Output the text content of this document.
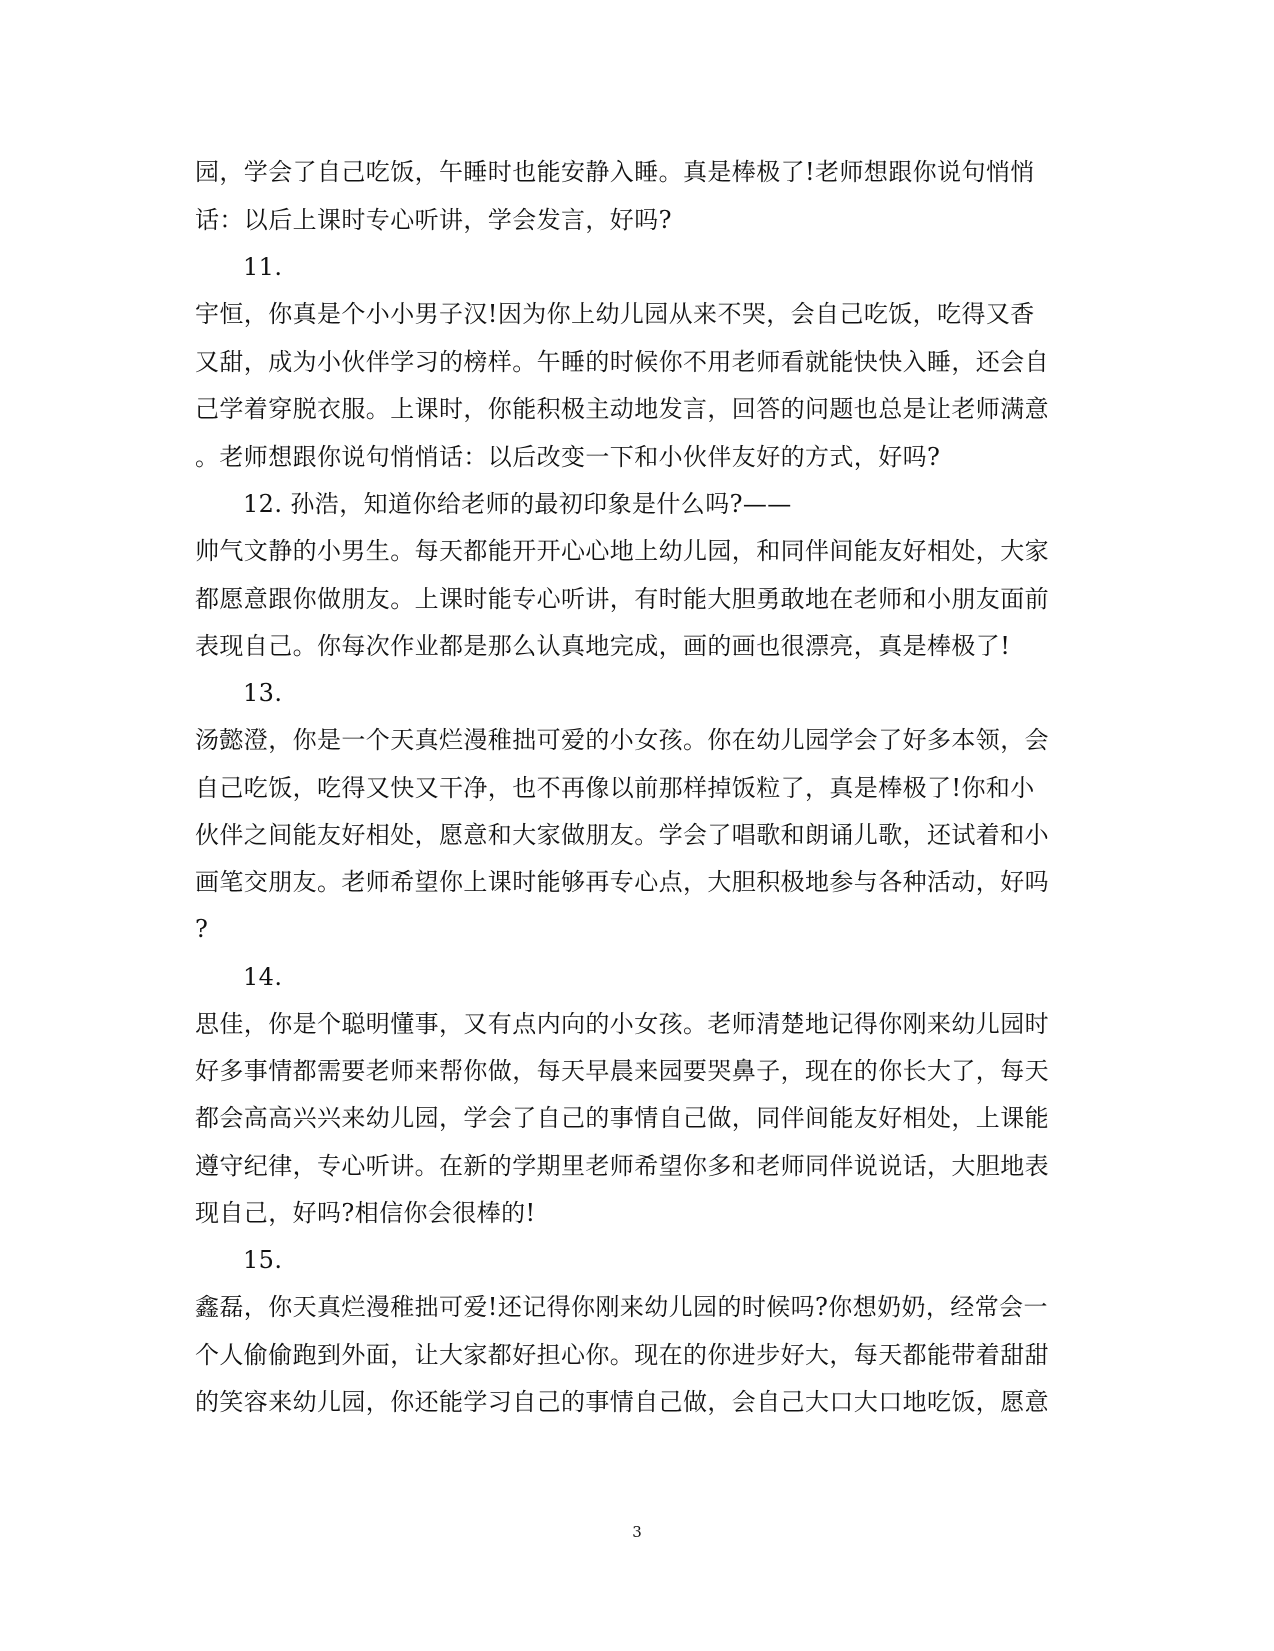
园，学会了自己吃饭，午睡时也能安静入睡。真是棒极了!老师想跟你说句悄悄
话：以后上课时专心听讲，学会发言，好吗?
11.
宇恒，你真是个小小男子汉!因为你上幼儿园从来不哭，会自己吃饭，吃得又香
又甜，成为小伙伴学习的榜样。午睡的时候你不用老师看就能快快入睡，还会自
己学着穿脱衣服。上课时，你能积极主动地发言，回答的问题也总是让老师满意
。老师想跟你说句悄悄话：以后改变一下和小伙伴友好的方式，好吗?
12. 孙浩，知道你给老师的最初印象是什么吗?——
帅气文静的小男生。每天都能开开心心地上幼儿园，和同伴间能友好相处，大家
都愿意跟你做朋友。上课时能专心听讲，有时能大胆勇敢地在老师和小朋友面前
表现自己。你每次作业都是那么认真地完成，画的画也很漂亮，真是棒极了!
13.
汤懿澄，你是一个天真烂漫稚拙可爱的小女孩。你在幼儿园学会了好多本领，会
自己吃饭，吃得又快又干净，也不再像以前那样掉饭粒了，真是棒极了!你和小
伙伴之间能友好相处，愿意和大家做朋友。学会了唱歌和朗诵儿歌，还试着和小
画笔交朋友。老师希望你上课时能够再专心点，大胆积极地参与各种活动，好吗
?
14.
思佳，你是个聪明懂事，又有点内向的小女孩。老师清楚地记得你刚来幼儿园时
好多事情都需要老师来帮你做，每天早晨来园要哭鼻子，现在的你长大了，每天
都会高高兴兴来幼儿园，学会了自己的事情自己做，同伴间能友好相处，上课能
遵守纪律，专心听讲。在新的学期里老师希望你多和老师同伴说说话，大胆地表
现自己，好吗?相信你会很棒的!
15.
鑫磊，你天真烂漫稚拙可爱!还记得你刚来幼儿园的时候吗?你想奶奶，经常会一
个人偷偷跑到外面，让大家都好担心你。现在的你进步好大，每天都能带着甜甜
的笑容来幼儿园，你还能学习自己的事情自己做，会自己大口大口地吃饭，愿意
3
